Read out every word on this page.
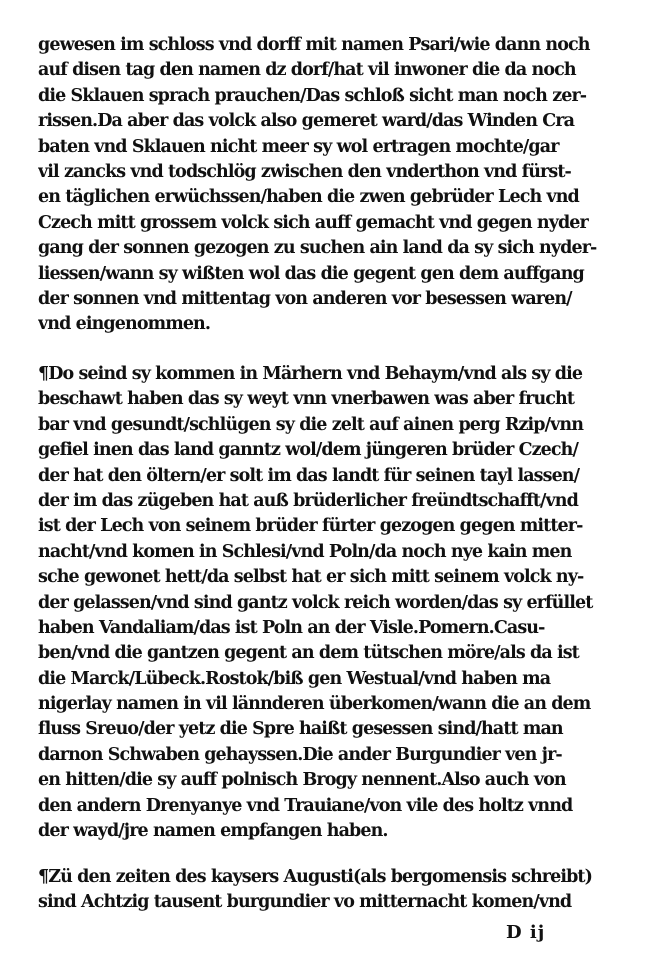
gewesen im schloss vnd dorff mit namen Psari/wie dann noch
auf disen tag den namen dz dorf/hat vil inwoner die da noch
die Sklauen sprach prauchen/Das schloß sicht man noch zer-
rissen.Da aber das volck also gemeret ward/das Winden Cra
baten vnd Sklauen nicht meer sy wol ertragen mochte/gar
vil zancks vnd todschlög zwischen den vnderthon vnd fürst-
en täglichen erwüchssen/haben die zwen gebrüder Lech vnd
Czech mitt grossem volck sich auff gemacht vnd gegen nyder
gang der sonnen gezogen zu suchen ain land da sy sich nyder-
liessen/wann sy wißten wol das die gegent gen dem auffgang
der sonnen vnd mittentag von anderen vor besessen waren/
vnd eingenommen.
¶Do seind sy kommen in Märhern vnd Behaym/vnd als sy die
beschawt haben das sy weyt vnn vnerbawen was aber frucht
bar vnd gesundt/schlügen sy die zelt auf ainen perg Rzip/vnn
gefiel inen das land ganntz wol/dem jüngeren brüder Czech/
der hat den öltern/er solt im das landt für seinen tayl lassen/
der im das zügeben hat auß brüderlicher freündtschafft/vnd
ist der Lech von seinem brüder fürter gezogen gegen mitter-
nacht/vnd komen in Schlesi/vnd Poln/da noch nye kain men
sche gewonet hett/da selbst hat er sich mitt seinem volck ny-
der gelassen/vnd sind gantz volck reich worden/das sy erfüllet
haben Vandaliam/das ist Poln an der Visle.Pomern.Casu-
ben/vnd die gantzen gegent an dem tütschen möre/als da ist
die Marck/Lübeck.Rostok/biß gen Westual/vnd haben ma
nigerlay namen in vil lännderen überkomen/wann die an dem
fluss Sreuo/der yetz die Spre haißt gesessen sind/hatt man
darnon Schwaben gehayssen.Die ander Burgundier ven jr-
en hitten/die sy auff polnisch Brogy nennent.Also auch von
den andern Drenyanye vnd Trauiane/von vile des holtz vnnd
der wayd/jre namen empfangen haben.
¶Zü den zeiten des kaysers Augusti(als bergomensis schreibt)
sind Achtzig tausent burgundier vo mitternacht komen/vnd
D ij
